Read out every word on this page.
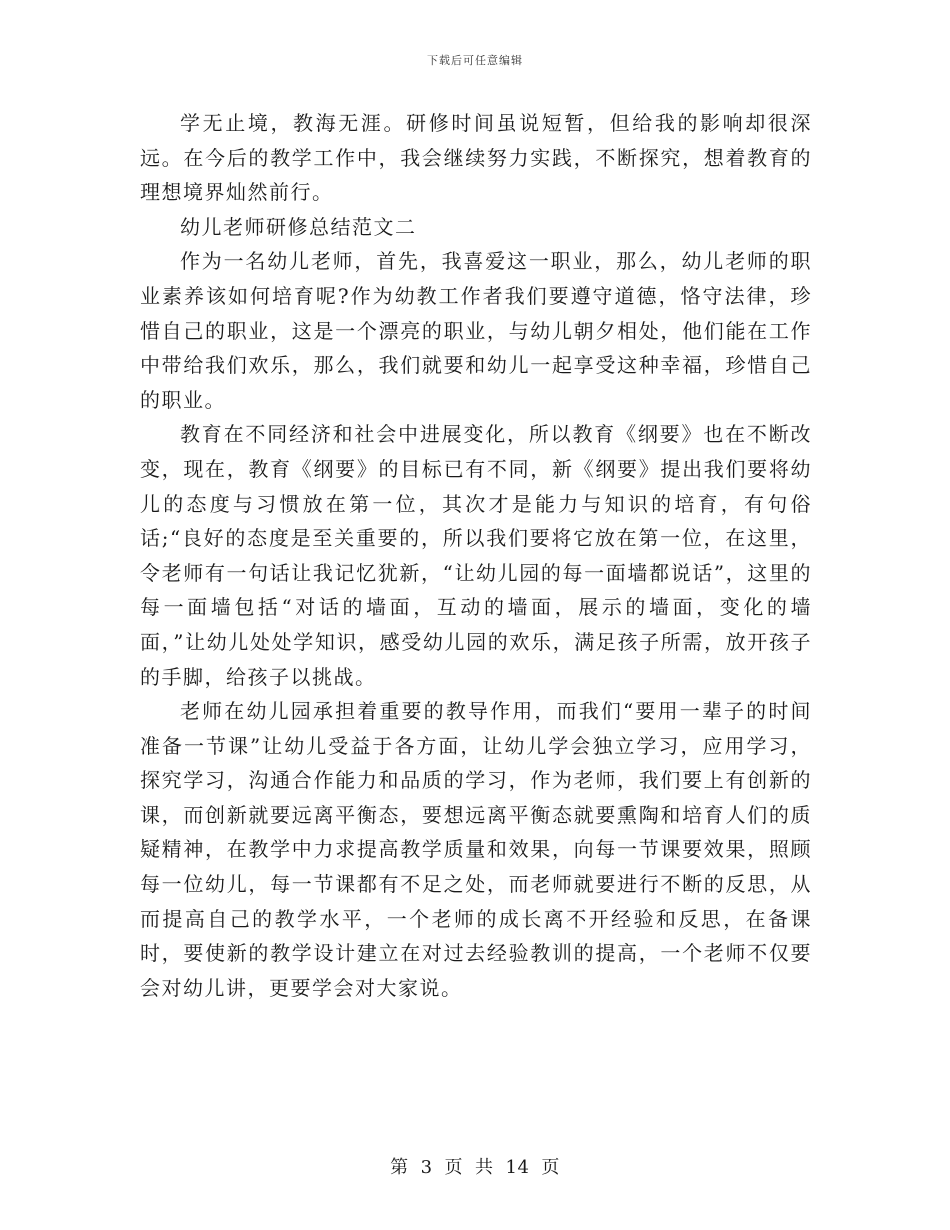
下载后可任意编辑

学无止境，教海无涯。研修时间虽说短暂，但给我的影响却很深远。在今后的教学工作中，我会继续努力实践，不断探究，想着教育的理想境界灿然前行。

幼儿老师研修总结范文二

作为一名幼儿老师，首先，我喜爱这一职业，那么，幼儿老师的职业素养该如何培育呢?作为幼教工作者我们要遵守道德，恪守法律，珍惜自己的职业，这是一个漂亮的职业，与幼儿朝夕相处，他们能在工作中带给我们欢乐，那么，我们就要和幼儿一起享受这种幸福，珍惜自己的职业。

教育在不同经济和社会中进展变化，所以教育《纲要》也在不断改变，现在，教育《纲要》的目标已有不同，新《纲要》提出我们要将幼儿的态度与习惯放在第一位，其次才是能力与知识的培育，有句俗话;“良好的态度是至关重要的，所以我们要将它放在第一位，在这里，令老师有一句话让我记忆犹新，“让幼儿园的每一面墙都说话”，这里的每一面墙包括“对话的墙面，互动的墙面，展示的墙面，变化的墙面，”让幼儿处处学知识，感受幼儿园的欢乐，满足孩子所需，放开孩子的手脚，给孩子以挑战。

老师在幼儿园承担着重要的教导作用，而我们“要用一辈子的时间准备一节课”让幼儿受益于各方面，让幼儿学会独立学习，应用学习，探究学习，沟通合作能力和品质的学习，作为老师，我们要上有创新的课，而创新就要远离平衡态，要想远离平衡态就要熏陶和培育人们的质疑精神，在教学中力求提高教学质量和效果，向每一节课要效果，照顾每一位幼儿，每一节课都有不足之处，而老师就要进行不断的反思，从而提高自己的教学水平，一个老师的成长离不开经验和反思，在备课时，要使新的教学设计建立在对过去经验教训的提高，一个老师不仅要会对幼儿讲，更要学会对大家说。

第 3 页 共 14 页
